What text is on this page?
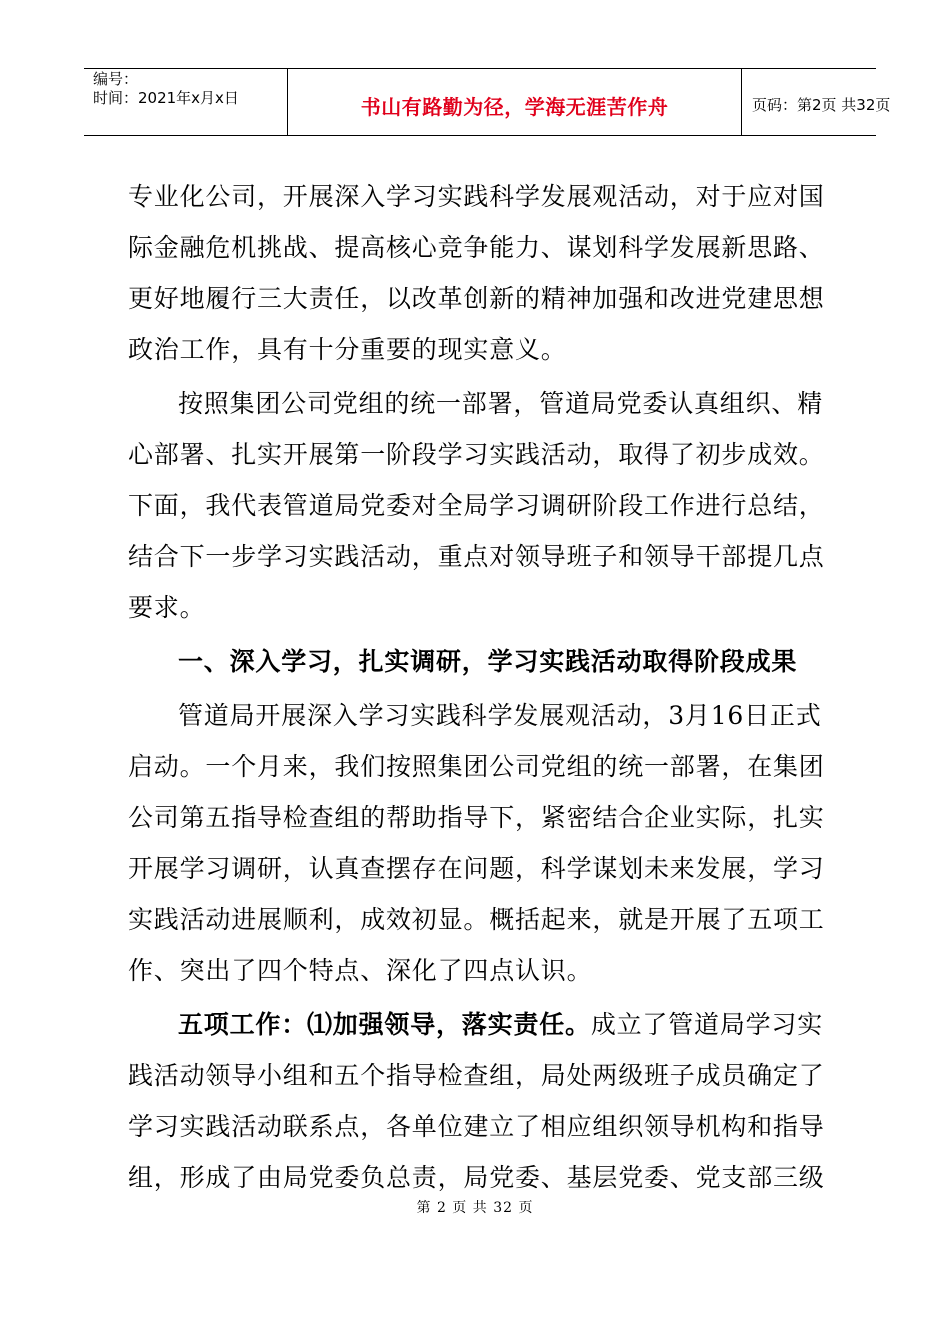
编号：
时间：2021年x月x日	书山有路勤为径，学海无涯苦作舟	页码：第2页 共32页
专业化公司，开展深入学习实践科学发展观活动，对于应对国
际金融危机挑战、提高核心竞争能力、谋划科学发展新思路、
更好地履行三大责任，以改革创新的精神加强和改进党建思想
政治工作，具有十分重要的现实意义。
按照集团公司党组的统一部署，管道局党委认真组织、精
心部署、扎实开展第一阶段学习实践活动，取得了初步成效。
下面，我代表管道局党委对全局学习调研阶段工作进行总结，
结合下一步学习实践活动，重点对领导班子和领导干部提几点
要求。
一、深入学习，扎实调研，学习实践活动取得阶段成果
管道局开展深入学习实践科学发展观活动，3月16日正式
启动。一个月来，我们按照集团公司党组的统一部署，在集团
公司第五指导检查组的帮助指导下，紧密结合企业实际，扎实
开展学习调研，认真查摆存在问题，科学谋划未来发展，学习
实践活动进展顺利，成效初显。概括起来，就是开展了五项工
作、突出了四个特点、深化了四点认识。
五项工作：⑴加强领导，落实责任。成立了管道局学习实
践活动领导小组和五个指导检查组，局处两级班子成员确定了
学习实践活动联系点，各单位建立了相应组织领导机构和指导
组，形成了由局党委负总责，局党委、基层党委、党支部三级
第 2 页 共 32 页
